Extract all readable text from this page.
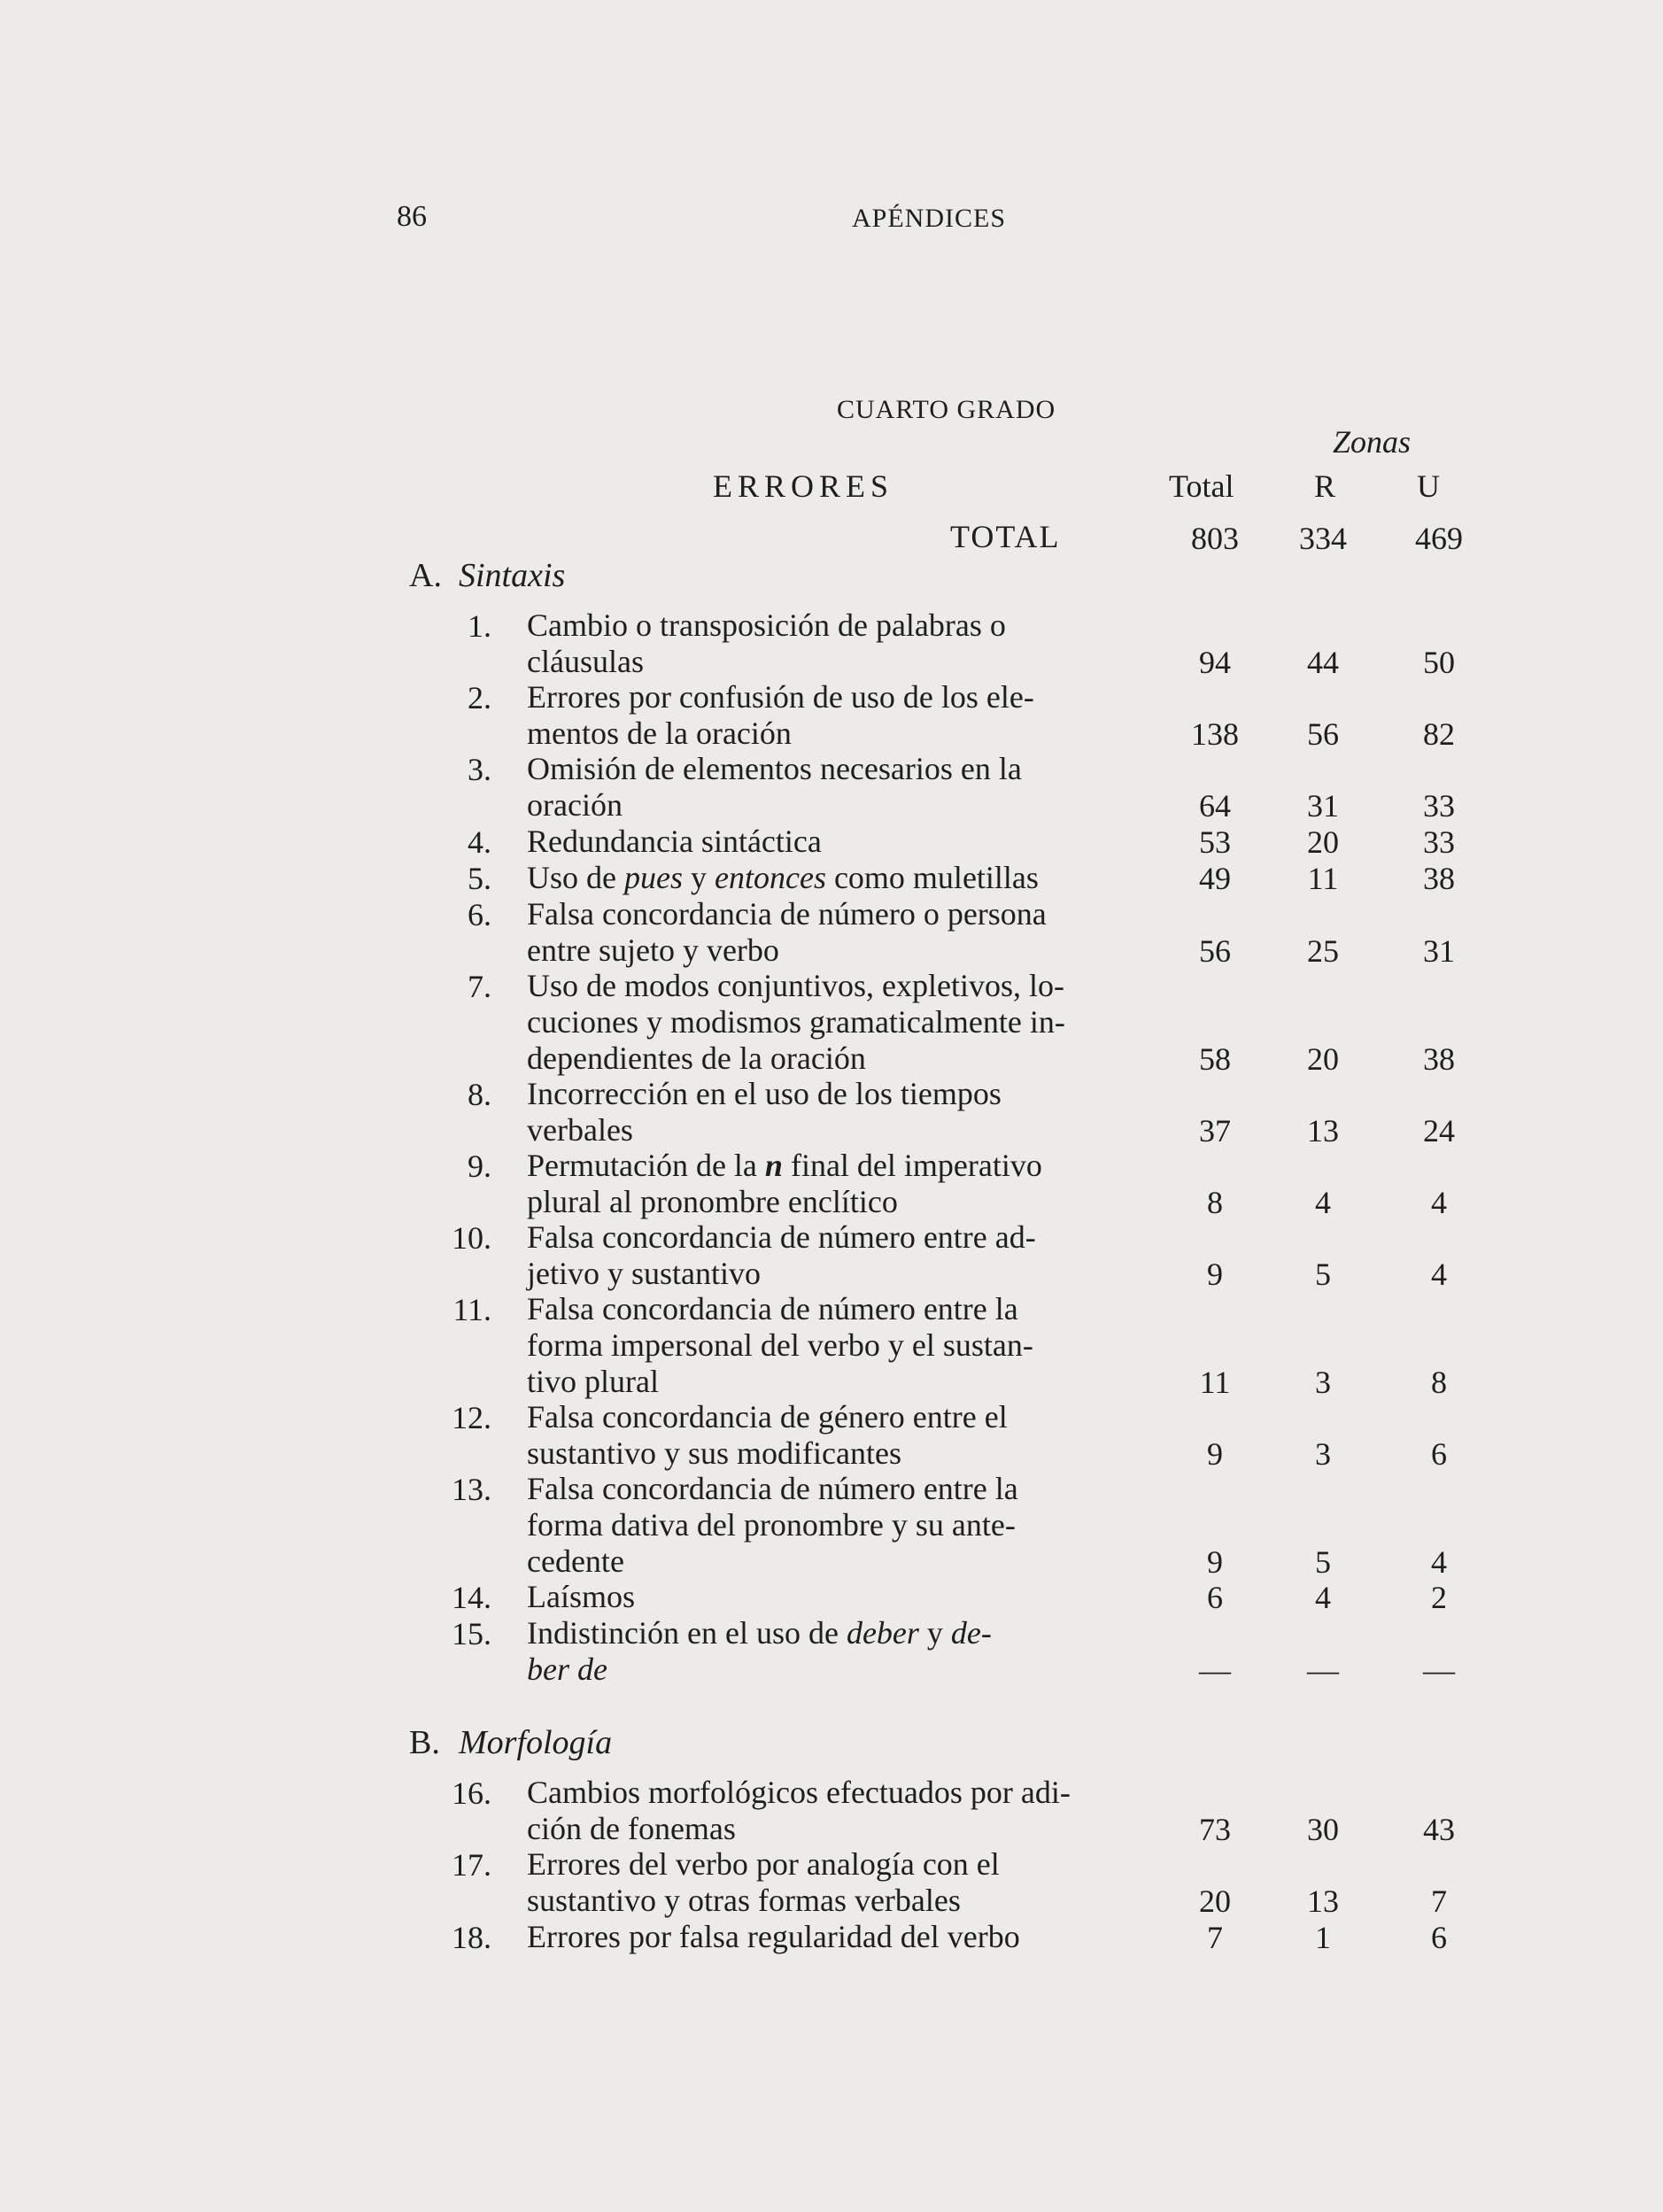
86	APÉNDICES
CUARTO GRADO
Zonas
ERRORES	Total	R	U
TOTAL	803	334	469
A. Sintaxis
1. Cambio o transposición de palabras o
cláusulas	94	44	50
2. Errores por confusión de uso de los ele-
mentos de la oración	138	56	82
3. Omisión de elementos necesarios en la
oración	64	31	33
4. Redundancia sintáctica	53	20	33
5. Uso de pues y entonces como muletillas	49	11	38
6. Falsa concordancia de número o persona
entre sujeto y verbo	56	25	31
7. Uso de modos conjuntivos, expletivos, lo-
cuciones y modismos gramaticalmente in-
dependientes de la oración	58	20	38
8. Incorrección en el uso de los tiempos
verbales	37	13	24
9. Permutación de la n final del imperativo
plural al pronombre enclítico	8	4	4
10. Falsa concordancia de número entre ad-
jetivo y sustantivo	9	5	4
11. Falsa concordancia de número entre la
forma impersonal del verbo y el sustan-
tivo plural	11	3	8
12. Falsa concordancia de género entre el
sustantivo y sus modificantes	9	3	6
13. Falsa concordancia de número entre la
forma dativa del pronombre y su ante-
cedente	9	5	4
14. Laísmos	6	4	2
15. Indistinción en el uso de deber y de-
ber de	—	—	—
B. Morfología
16. Cambios morfológicos efectuados por adi-
ción de fonemas	73	30	43
17. Errores del verbo por analogía con el
sustantivo y otras formas verbales	20	13	7
18. Errores por falsa regularidad del verbo	7	1	6
